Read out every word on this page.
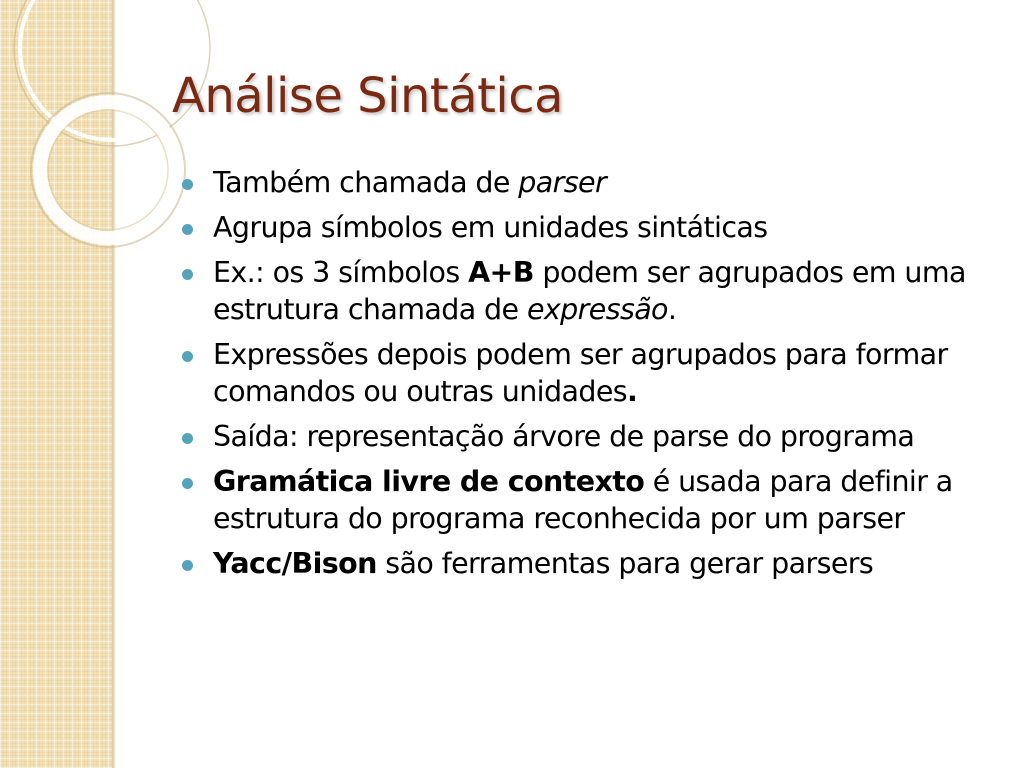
Análise Sintática
Também chamada de parser
Agrupa símbolos em unidades sintáticas
Ex.: os 3 símbolos A+B podem ser agrupados em uma estrutura chamada de expressão.
Expressões depois podem ser agrupados para formar comandos ou outras unidades.
Saída: representação árvore de parse do programa
Gramática livre de contexto é usada para definir a estrutura do programa reconhecida por um parser
Yacc/Bison são ferramentas para gerar parsers
